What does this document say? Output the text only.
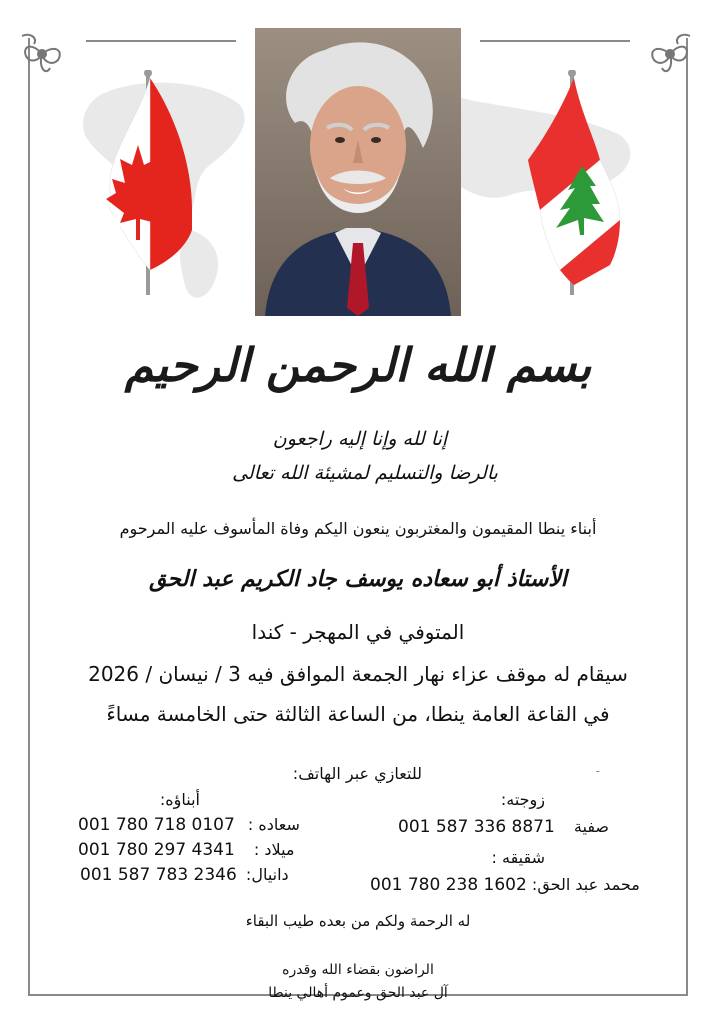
بسم الله الرحمن الرحيم
إنا لله وإنا إليه راجعون
بالرضا والتسليم لمشيئة الله تعالى
أبناء ينطا المقيمون والمغتربون ينعون اليكم وفاة المأسوف عليه المرحوم
الأستاذ أبو سعاده يوسف جاد الكريم عبد الحق
المتوفي في المهجر - كندا
سيقام له موقف عزاء نهار الجمعة الموافق فيه 3 / نيسان / 2026
في القاعة العامة ينطا، من الساعة الثالثة حتى الخامسة مساءً
للتعازي عبر الهاتف:	-
أبناؤه:
001 780 718 0107 سعاده :
001 780 297 4341 ميلاد :
001 587 783 2346 دانيال:
زوجته:
001 587 336 8871 صفية
شقيقه :
001 780 238 1602 محمد عبد الحق:
له الرحمة ولكم من بعده طيب البقاء
الراضون بقضاء الله وقدره
آل عبد الحق وعموم أهالي ينطا
